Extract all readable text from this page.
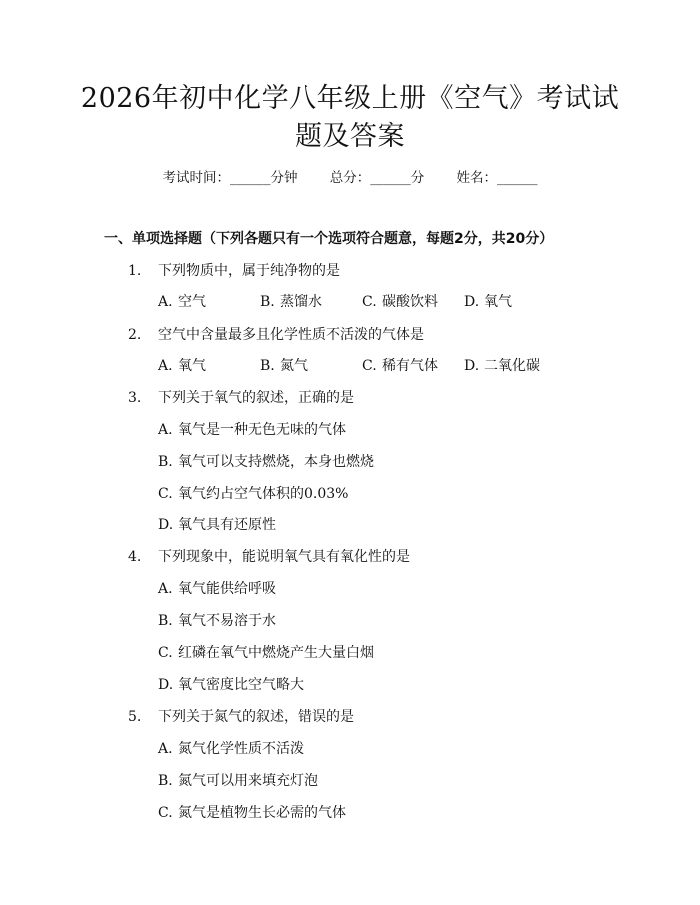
2026年初中化学八年级上册《空气》考试试
题及答案
考试时间：______分钟 总分：______分 姓名：______
一、单项选择题（下列各题只有一个选项符合题意，每题2分，共20分）
1. 下列物质中，属于纯净物的是
A. 空气	B. 蒸馏水	C. 碳酸饮料 D. 氧气
2. 空气中含量最多且化学性质不活泼的气体是
A. 氧气	B. 氮气	C. 稀有气体 D. 二氧化碳
3. 下列关于氧气的叙述，正确的是
A. 氧气是一种无色无味的气体
B. 氧气可以支持燃烧，本身也燃烧
C. 氧气约占空气体积的0.03%
D. 氧气具有还原性
4. 下列现象中，能说明氧气具有氧化性的是
A. 氧气能供给呼吸
B. 氧气不易溶于水
C. 红磷在氧气中燃烧产生大量白烟
D. 氧气密度比空气略大
5. 下列关于氮气的叙述，错误的是
A. 氮气化学性质不活泼
B. 氮气可以用来填充灯泡
C. 氮气是植物生长必需的气体
